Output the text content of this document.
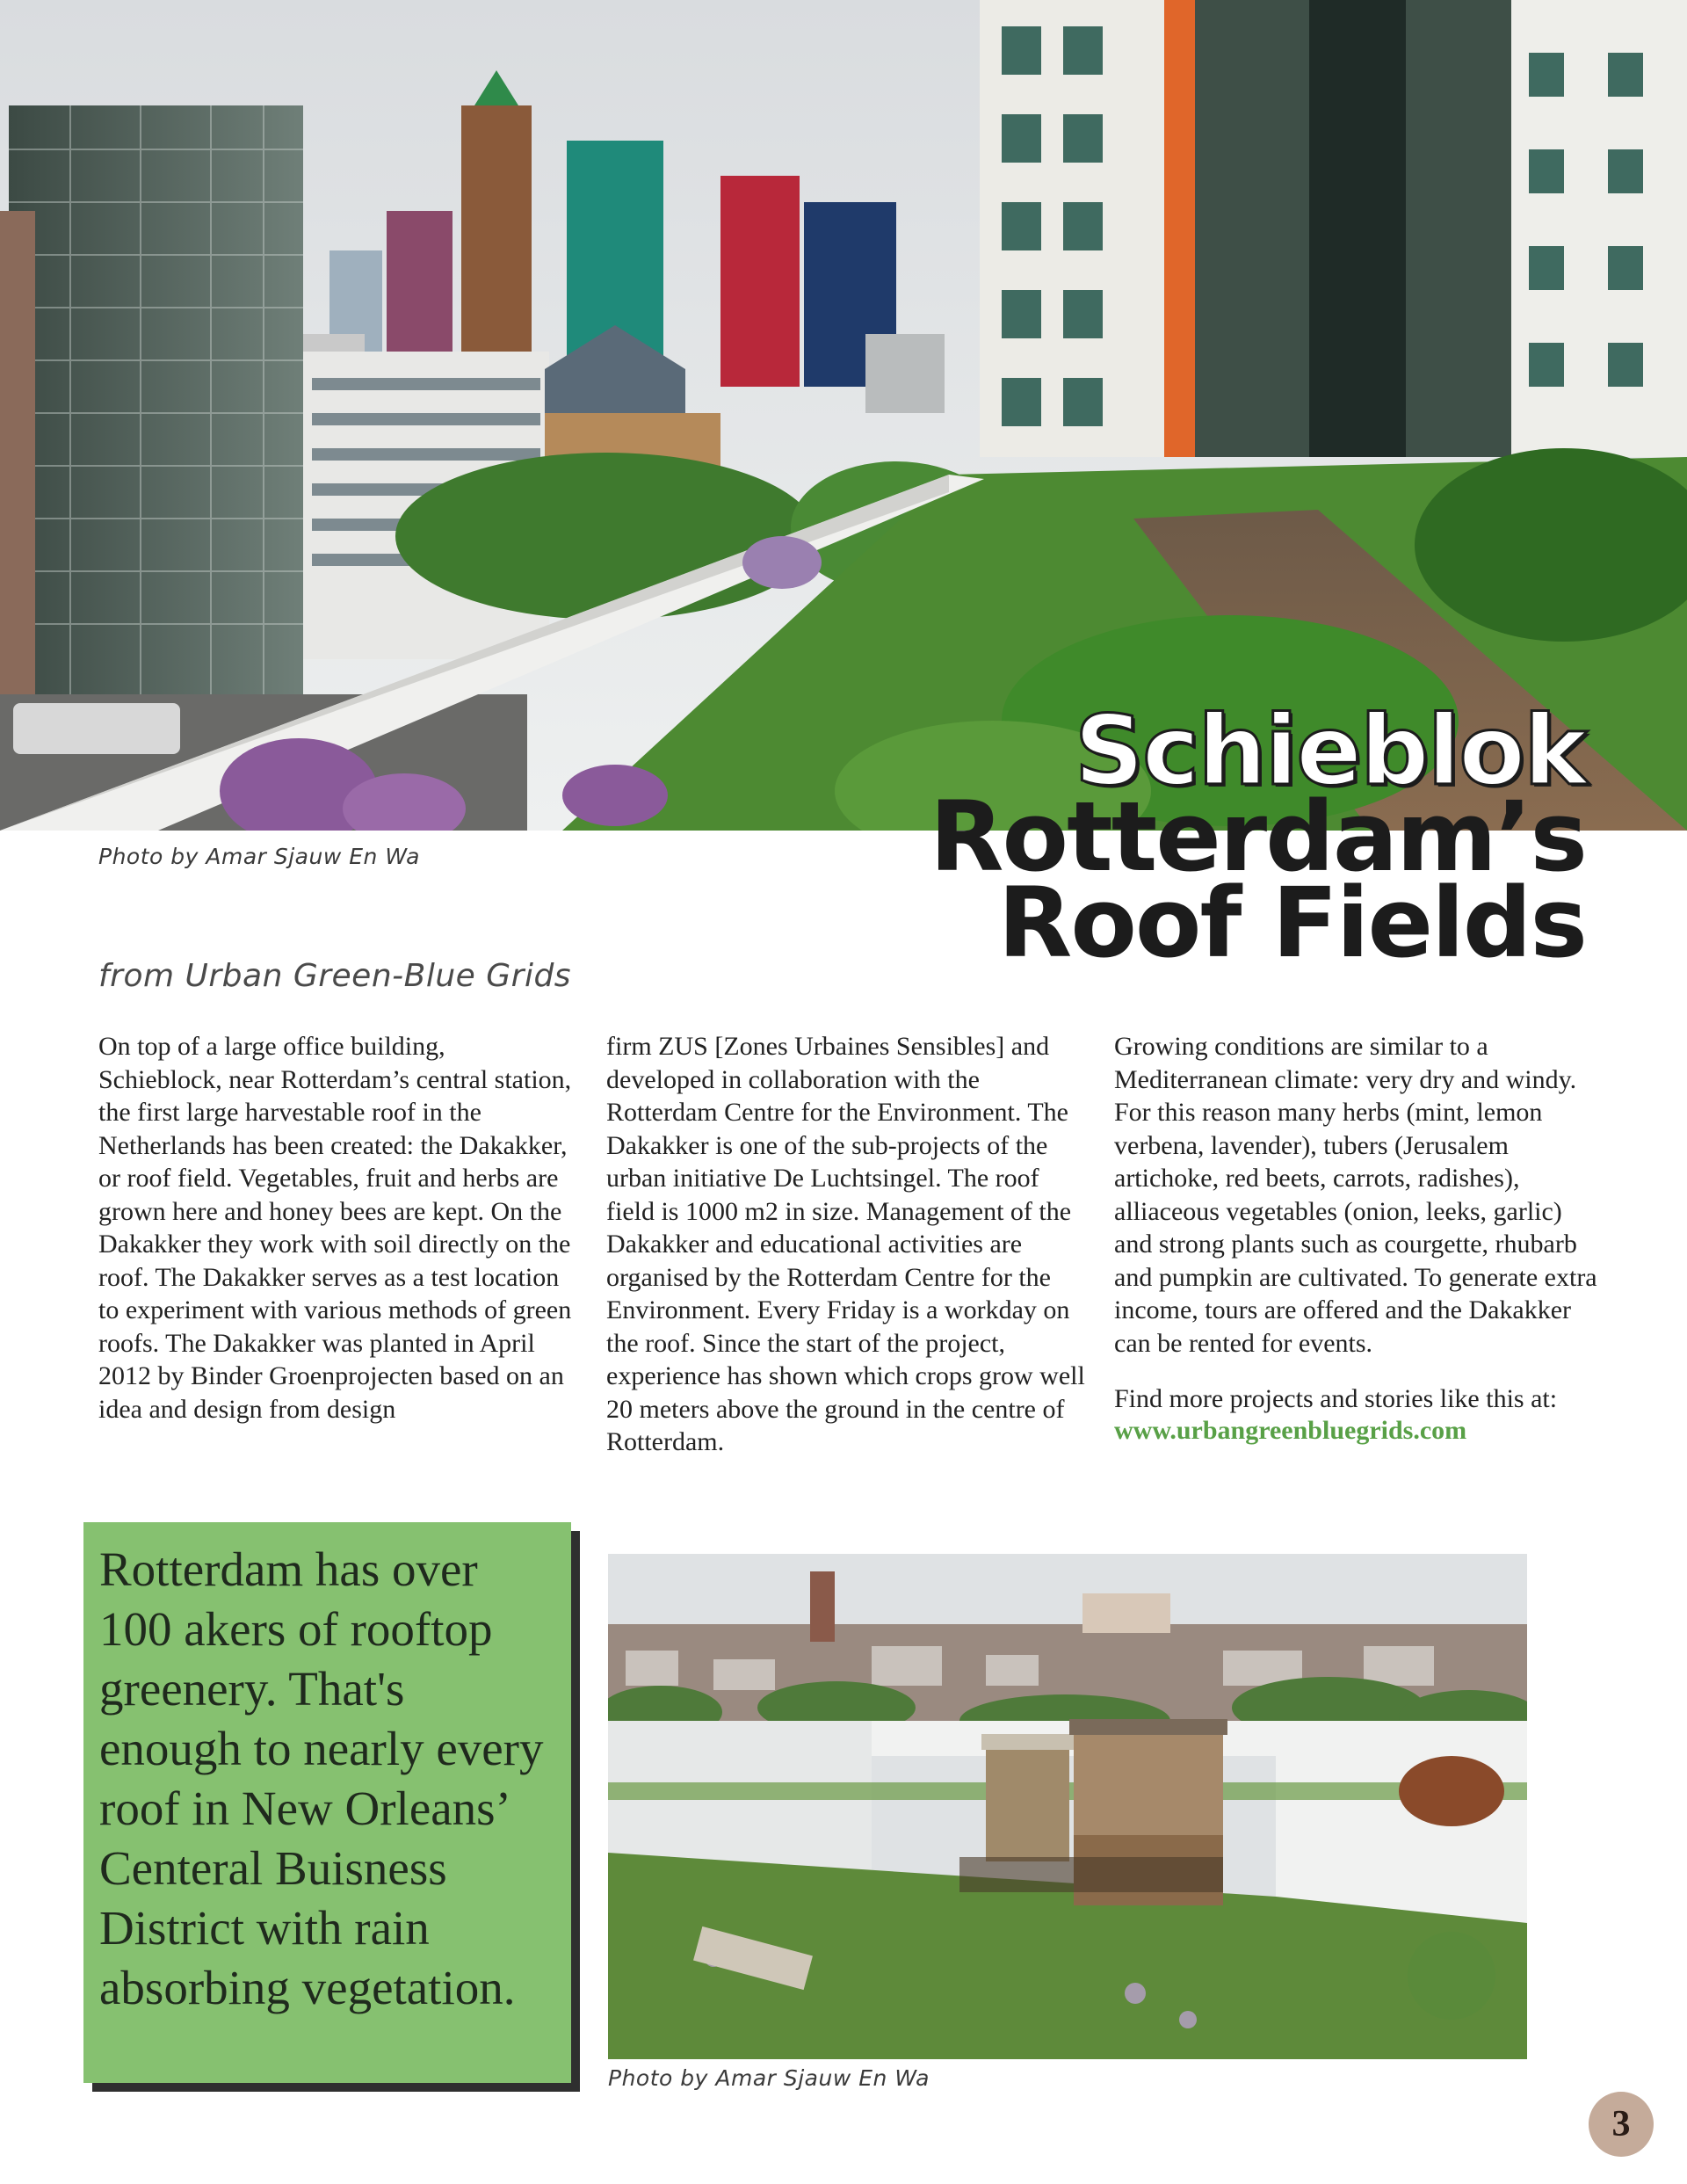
Photo by Amar Sjauw En Wa
Schieblok
Rotterdam’s
Roof Fields
from Urban Green-Blue Grids

On top of a large office building, Schieblock, near Rotterdam’s central station, the first large harvestable roof in the Netherlands has been created: the Dakakker, or roof field. Vegetables, fruit and herbs are grown here and honey bees are kept. On the Dakakker they work with soil directly on the roof. The Dakakker serves as a test location to experiment with various methods of green roofs. The Dakakker was planted in April 2012 by Binder Groenprojecten based on an idea and design from design

firm ZUS [Zones Urbaines Sensibles] and developed in collaboration with the Rotterdam Centre for the Environment. The Dakakker is one of the sub-projects of the urban initiative De Luchtsingel. The roof field is 1000 m2 in size. Management of the Dakakker and educational activities are organised by the Rotterdam Centre for the Environment. Every Friday is a workday on the roof. Since the start of the project, experience has shown which crops grow well 20 meters above the ground in the centre of Rotterdam.

Growing conditions are similar to a Mediterranean climate: very dry and windy. For this reason many herbs (mint, lemon verbena, lavender), tubers (Jerusalem artichoke, red beets, carrots, radishes), alliaceous vegetables (onion, leeks, garlic) and strong plants such as courgette, rhubarb and pumpkin are cultivated. To generate extra income, tours are offered and the Dakakker can be rented for events.

Find more projects and stories like this at:
www.urbangreenbluegrids.com

Rotterdam has over 100 akers of rooftop greenery. That's enough to nearly every roof in New Orleans’ Centeral Buisness District with rain absorbing vegetation.
Photo by Amar Sjauw En Wa
3
